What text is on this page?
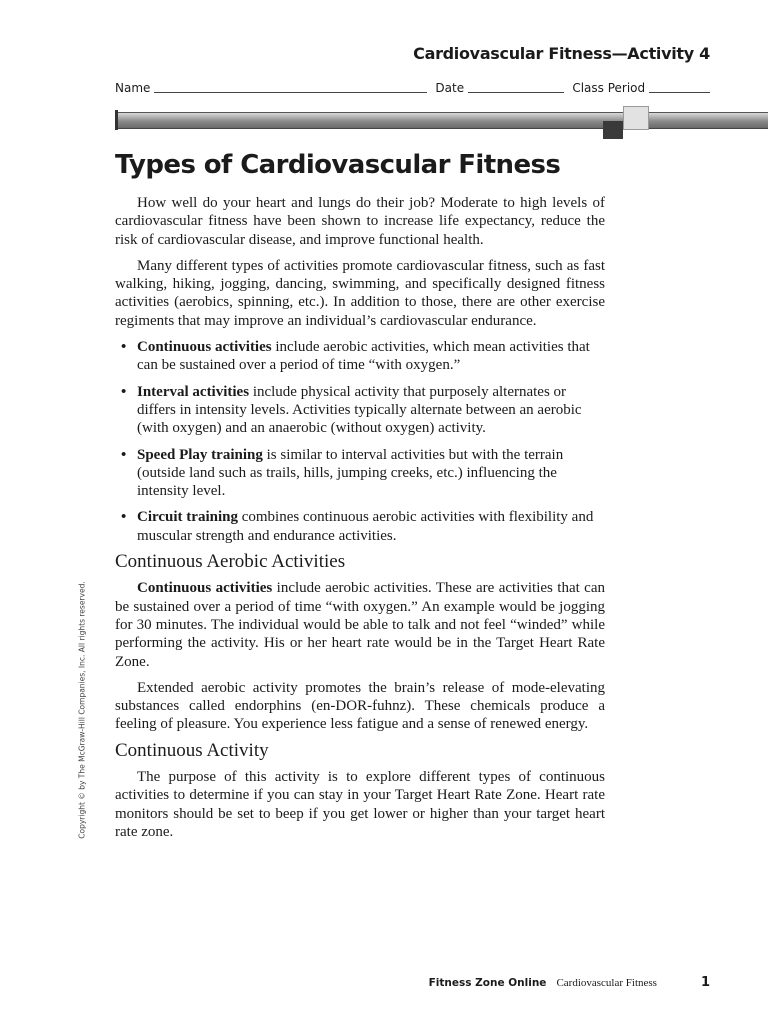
Cardiovascular Fitness—Activity 4
Name	Date	Class Period
Types of Cardiovascular Fitness

How well do your heart and lungs do their job? Moderate to high levels of cardiovascular fitness have been shown to increase life expectancy, reduce the risk of cardiovascular disease, and improve functional health.

Many different types of activities promote cardiovascular fitness, such as fast walking, hiking, jogging, dancing, swimming, and specifically designed fitness activities (aerobics, spinning, etc.). In addition to those, there are other exercise regiments that may improve an individual’s cardiovascular endurance.

• Continuous activities include aerobic activities, which mean activities that can be sustained over a period of time “with oxygen.”
• Interval activities include physical activity that purposely alternates or differs in intensity levels. Activities typically alternate between an aerobic (with oxygen) and an anaerobic (without oxygen) activity.
• Speed Play training is similar to interval activities but with the terrain (outside land such as trails, hills, jumping creeks, etc.) influencing the intensity level.
• Circuit training combines continuous aerobic activities with flexibility and muscular strength and endurance activities.
Continuous Aerobic Activities

Continuous activities include aerobic activities. These are activities that can be sustained over a period of time “with oxygen.” An example would be jogging for 30 minutes. The individual would be able to talk and not feel “winded” while performing the activity. His or her heart rate would be in the Target Heart Rate Zone.

Extended aerobic activity promotes the brain’s release of mode-elevating substances called endorphins (en-DOR-fuhnz). These chemicals produce a feeling of pleasure. You experience less fatigue and a sense of renewed energy.

Continuous Activity

The purpose of this activity is to explore different types of continuous activities to determine if you can stay in your Target Heart Rate Zone. Heart rate monitors should be set to beep if you get lower or higher than your target heart rate zone.

Copyright © by The McGraw-Hill Companies, Inc. All rights reserved.
Fitness Zone Online Cardiovascular Fitness	1
